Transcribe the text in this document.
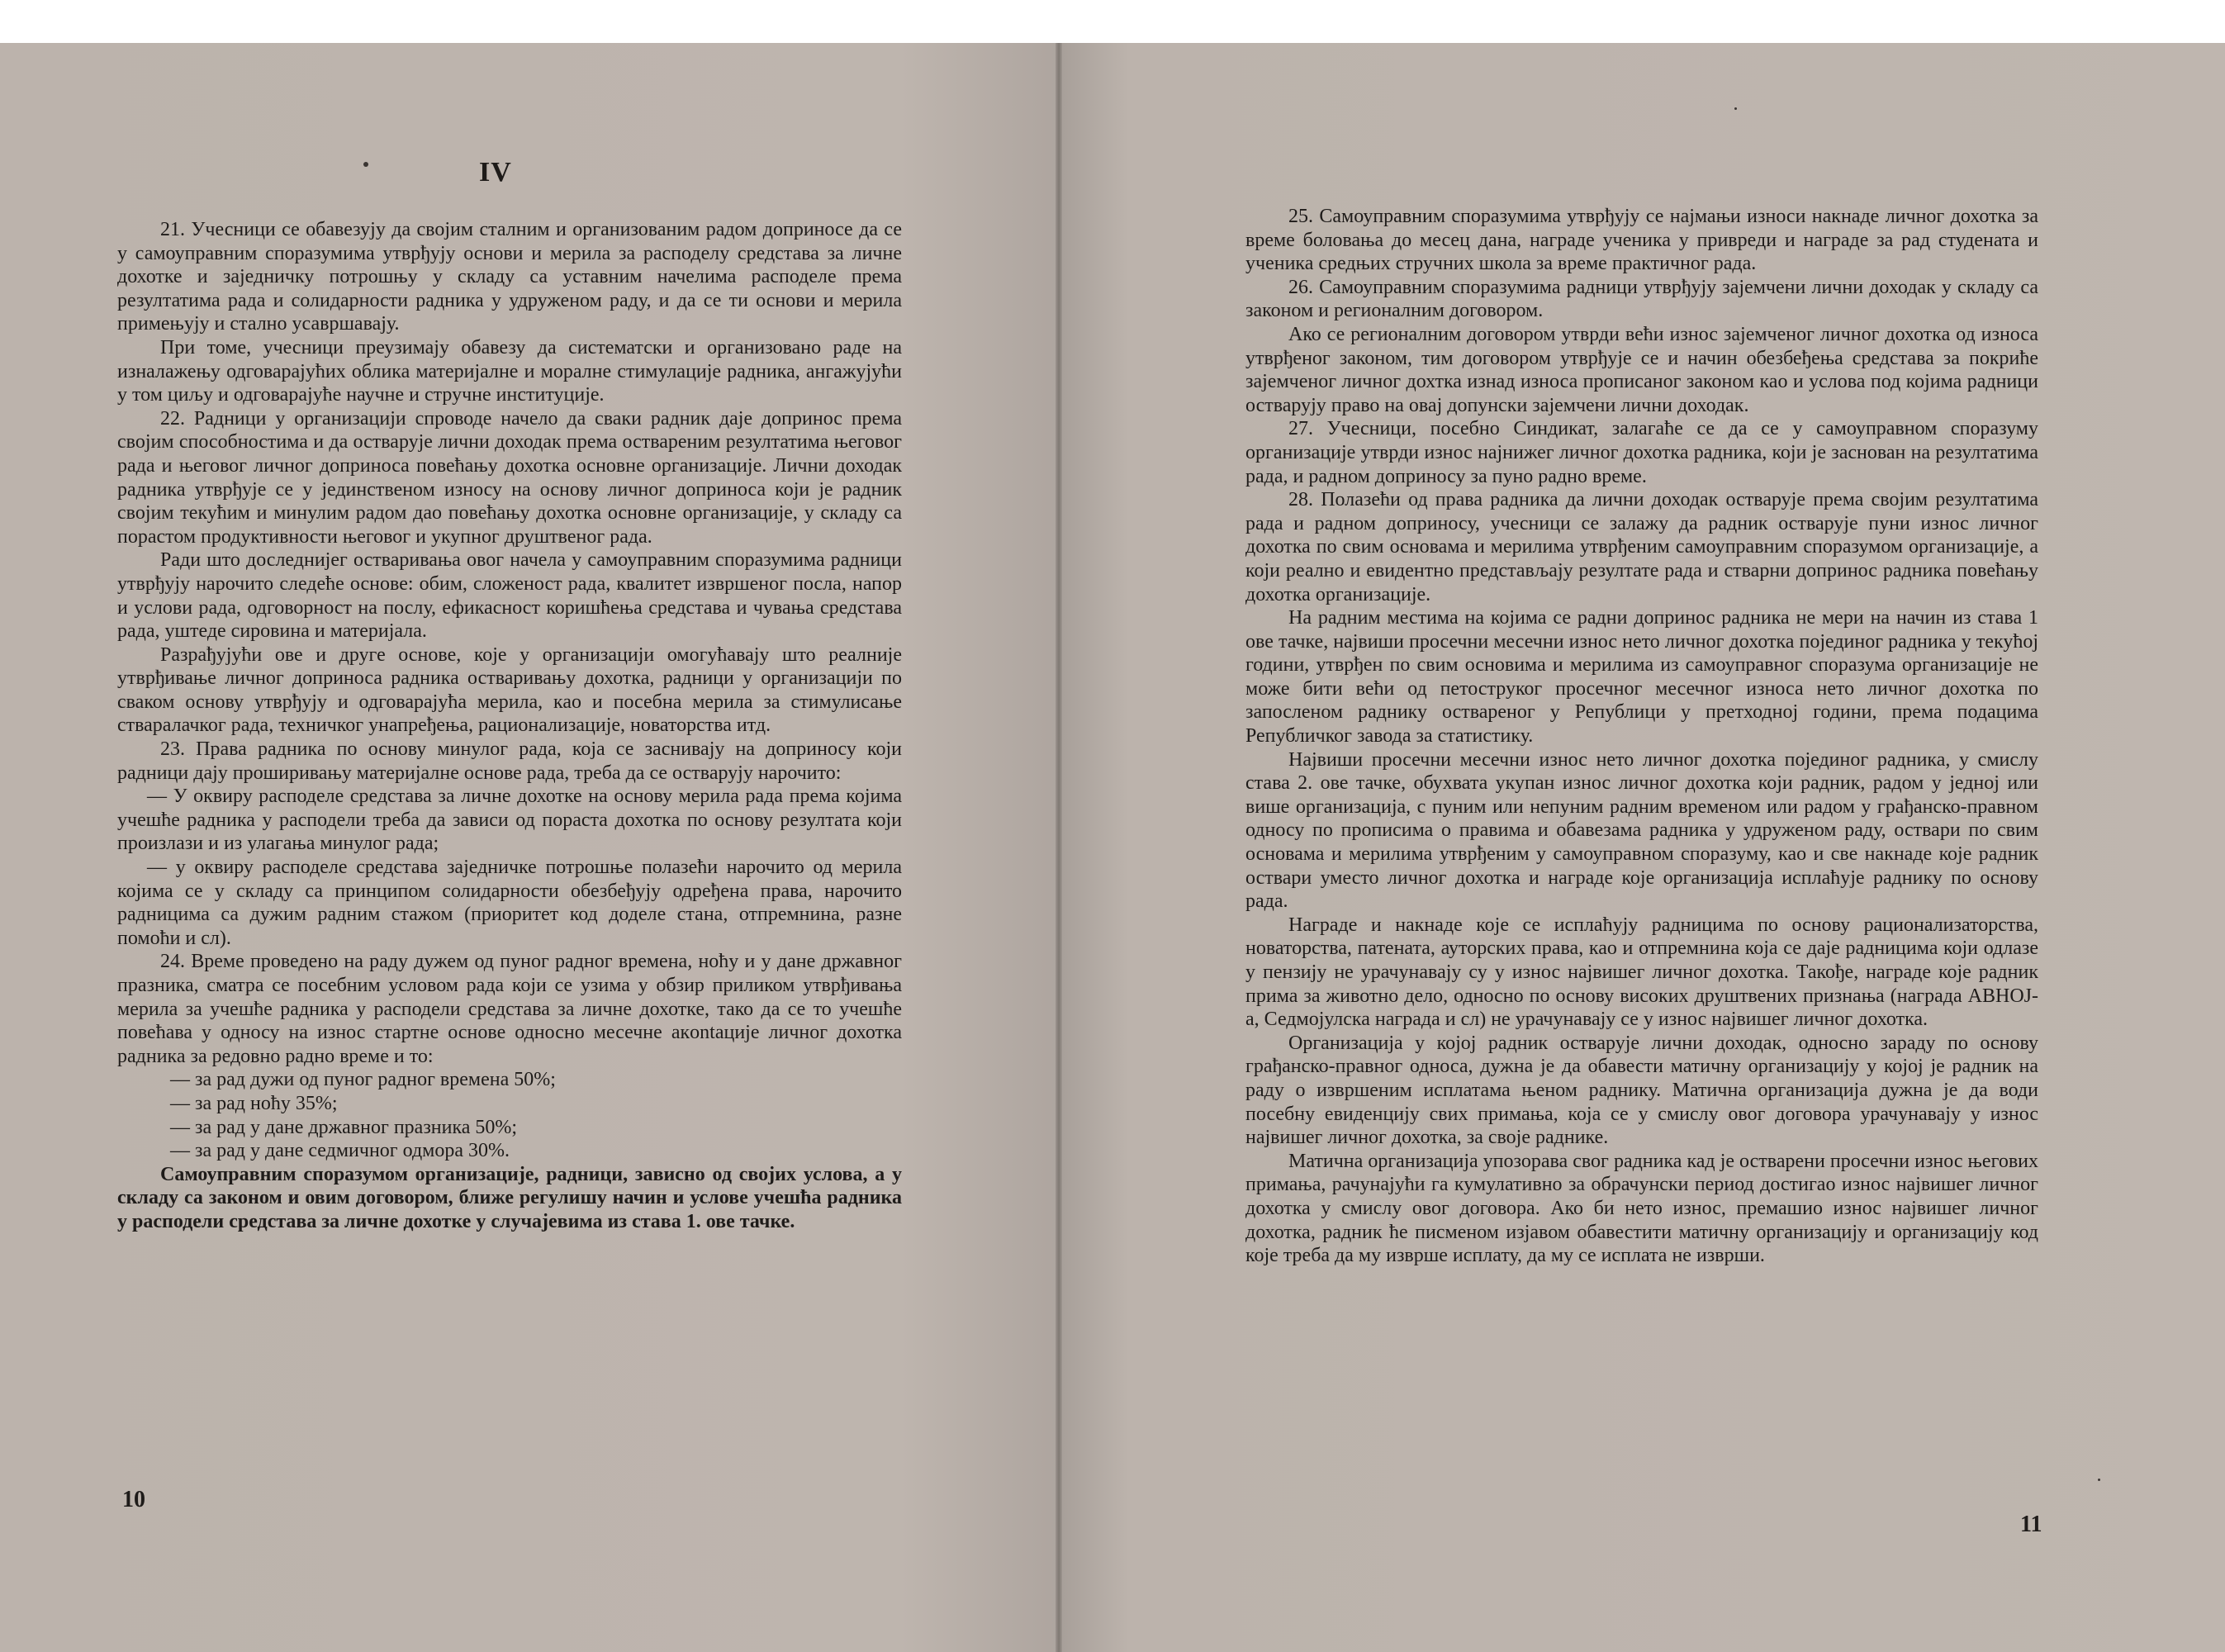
IV

21. Учесници се обавезују да својим сталним и организованим радом доприносе да се у самоуправним споразумима утврђују основи и мерила за расподелу средстава за личне дохотке и заједничку потрошњу у складу са уставним начелима расподеле према резултатима рада и солидарности радника у удруженом раду, и да се ти основи и мерила примењују и стално усавршавају.

При томе, учесници преузимају обавезу да систематски и организовано раде на изналажењу одговарајућих облика материјалне и моралне стимулације радника, ангажујући у том циљу и одговарајуће научне и стручне институције.

22. Радници у организацији спроводе начело да сваки радник даје допринос према својим способностима и да остварује лични доходак према оствареним резултатима његовог рада и његовог личног доприноса повећању дохотка основне организације. Лични доходак радника утврђује се у јединственом износу на основу личног доприноса који је радник својим текућим и минулим радом дао повећању дохотка основне организације, у складу са порастом продуктивности његовог и укупног друштвеног рада.

Ради што доследнијег остваривања овог начела у самоуправним споразумима радници утврђују нарочито следеће основе: обим, сложеност рада, квалитет извршеног посла, напор и услови рада, одговорност на послу, ефикасност коришћења средстава и чувања средстава рада, уштеде сировина и материјала.

Разрађујући ове и друге основе, које у организацији омогућавају што реалније утврђивање личног доприноса радника остваривању дохотка, радници у организацији по сваком основу утврђују и одговарајућа мерила, као и посебна мерила за стимулисање стваралачког рада, техничког унапређења, рационализације, новаторства итд.

23. Права радника по основу минулог рада, која се заснивају на доприносу који радници дају проширивању материјалне основе рада, треба да се остварују нарочито:

— У оквиру расподеле средстава за личне дохотке на основу мерила рада према којима учешће радника у расподели треба да зависи од пораста дохотка по основу резултата који произлази и из улагања минулог рада;

— у оквиру расподеле средстава заједничке потрошње полазећи нарочито од мерила којима се у складу са принципом солидарности обезбеђују одређена права, нарочито радницима са дужим радним стажом (приоритет код доделе стана, отпремнина, разне помоћи и сл).

24. Време проведено на раду дужем од пуног радног времена, ноћу и у дане државног празника, сматра се посебним условом рада који се узима у обзир приликом утврђивања мерила за учешће радника у расподели средстава за личне дохотке, тако да се то учешће повећава у односу на износ стартне основе односно месечне акontације личног дохотка радника за редовно радно време и то:

— за рад дужи од пуног радног времена 50%;

— за рад ноћу 35%;

— за рад у дане државног празника 50%;

— за рад у дане седмичног одмора 30%.

Самоуправним споразумом организације, радници, зависно од својих услова, а у складу са законом и овим договором, ближе регулишу начин и услове учешћа радника у расподели средстава за личне дохотке у случајевима из става 1. ове тачке.

10

25. Самоуправним споразумима утврђују се најмањи износи накнаде личног дохотка за време боловања до месец дана, награде ученика у привреди и награде за рад студената и ученика средњих стручних школа за време практичног рада.

26. Самоуправним споразумима радници утврђују зајемчени лични доходак у складу са законом и регионалним договором.

Ако се регионалним договором утврди већи износ зајемченог личног дохотка од износа утврђеног законом, тим договором утврђује се и начин обезбеђења средстава за покриће зајемченог личног дохтка изнад износа прописаног законом као и услова под којима радници остварују право на овај допунски зајемчени лични доходак.

27. Учесници, посебно Синдикат, залагаће се да се у самоуправном споразуму организације утврди износ најнижег личног дохотка радника, који је заснован на резултатима рада, и радном доприносу за пуно радно време.

28. Полазећи од права радника да лични доходак остварује према својим резултатима рада и радном доприносу, учесници се залажу да радник остварује пуни износ личног дохотка по свим основама и мерилима утврђеним самоуправним споразумом организације, а који реално и евидентно представљају резултате рада и стварни допринос радника повећању дохотка организације.

На радним местима на којима се радни допринос радника не мери на начин из става 1 ове тачке, највиши просечни месечни износ нето личног дохотка појединог радника у текућој години, утврђен по свим основима и мерилима из самоуправног споразума организације не може бити већи од петоструког просечног месечног износа нето личног дохотка по запосленом раднику оствареног у Републици у претходној години, према подацима Републичког завода за статистику.

Највиши просечни месечни износ нето личног дохотка појединог радника, у смислу става 2. ове тачке, обухвата укупан износ личног дохотка који радник, радом у једној или више организација, с пуним или непуним радним временом или радом у грађанско-правном односу по прописима о правима и обавезама радника у удруженом раду, оствари по свим основама и мерилима утврђеним у самоуправном споразуму, као и све накнаде које радник оствари уместо личног дохотка и награде које организација исплаћује раднику по основу рада.

Награде и накнаде које се исплаћују радницима по основу рационализаторства, новаторства, патената, ауторских права, као и отпремнина која се даје радницима који одлазе у пензију не урачунавају су у износ највишег личног дохотка. Такође, награде које радник прима за животно дело, односно по основу високих друштвених признања (награда АВНОЈ-а, Седмојулска награда и сл) не урачунавају се у износ највишег личног дохотка.

Организација у којој радник остварује лични доходак, односно зараду по основу грађанско-правног односа, дужна је да обавести матичну организацију у којој је радник на раду о извршеним исплатама њеном раднику. Матична организација дужна је да води посебну евиденцију свих примања, која се у смислу овог договора урачунавају у износ највишег личног дохотка, за своје раднике.

Матична организација упозорава свог радника кад је остварени просечни износ његових примања, рачунајући га кумулативно за обрачунски период достигао износ највишег личног дохотка у смислу овог договора. Ако би нето износ, премашио износ највишег личног дохотка, радник ће писменом изјавом обавестити матичну организацију и организацију код које треба да му изврше исплату, да му се исплата не изврши.

11
